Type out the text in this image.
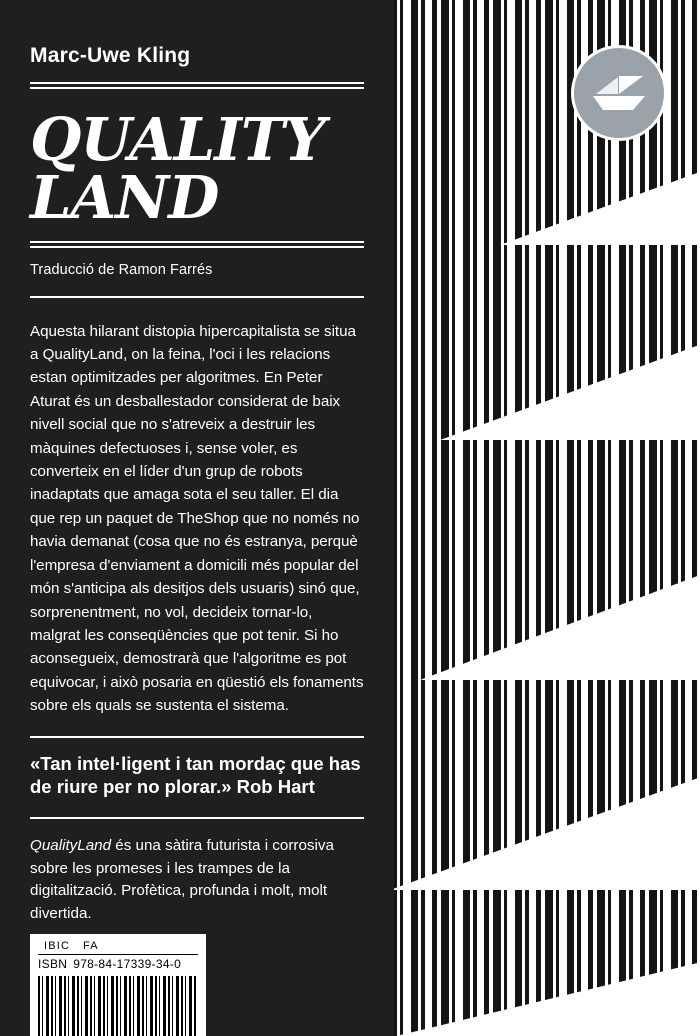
Marc-Uwe Kling
QUALITY
LAND
Traducció de Ramon Farrés
Aquesta hilarant distopia hipercapitalista se situa a QualityLand, on la feina, l'oci i les relacions estan optimitzades per algoritmes. En Peter Aturat és un desballestador considerat de baix nivell social que no s'atreveix a destruir les màquines defectuoses i, sense voler, es converteix en el líder d'un grup de robots inadaptats que amaga sota el seu taller. El dia que rep un paquet de TheShop que no només no havia demanat (cosa que no és estranya, perquè l'empresa d'enviament a domicili més popular del món s'anticipa als desitjos dels usuaris) sinó que, sorprenentment, no vol, decideix tornar-lo, malgrat les conseqüències que pot tenir. Si ho aconsegueix, demostrarà que l'algoritme es pot equivocar, i això posaria en qüestió els fonaments sobre els quals se sustenta el sistema.
«Tan intel·ligent i tan mordaç que has de riure per no plorar.» Rob Hart
QualityLand és una sàtira futurista i corrosiva sobre les promeses i les trampes de la digitalització. Profètica, profunda i molt, molt divertida.
IBIC FA
ISBN 978-84-17339-34-0
